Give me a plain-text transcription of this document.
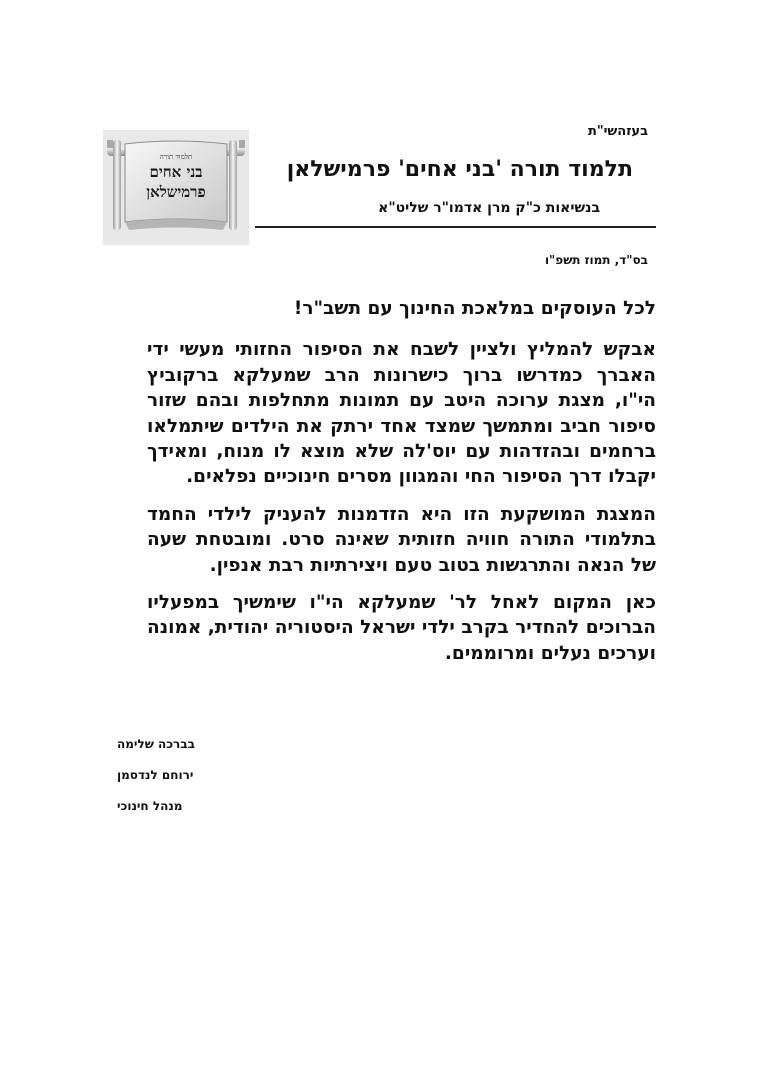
בעזהשי"ת
תלמוד תורה
בני אחים
פרמישלאן
תלמוד תורה 'בני אחים' פרמישלאן
בנשיאות כ"ק מרן אדמו"ר שליט"א
בס"ד, תמוז תשפ"ו

לכל העוסקים במלאכת החינוך עם תשב"ר!

אבקש להמליץ ולציין לשבח את הסיפור החזותי מעשי ידי האברך כמדרשו ברוך כישרונות הרב שמעלקא ברקוביץ הי"ו, מצגת ערוכה היטב עם תמונות מתחלפות ובהם שזור סיפור חביב ומתמשך שמצד אחד ירתק את הילדים שיתמלאו ברחמים ובהזדהות עם יוס'לה שלא מוצא לו מנוח, ומאידך יקבלו דרך הסיפור החי והמגוון מסרים חינוכיים נפלאים.

המצגת המושקעת הזו היא הזדמנות להעניק לילדי החמד בתלמודי התורה חוויה חזותית שאינה סרט. ומובטחת שעה של הנאה והתרגשות בטוב טעם ויצירתיות רבת אנפין.

כאן המקום לאחל לר' שמעלקא הי"ו שימשיך במפעליו הברוכים להחדיר בקרב ילדי ישראל היסטוריה יהודית, אמונה וערכים נעלים ומרוממים.

בברכה שלימה
ירוחם לנדסמן
מנהל חינוכי
